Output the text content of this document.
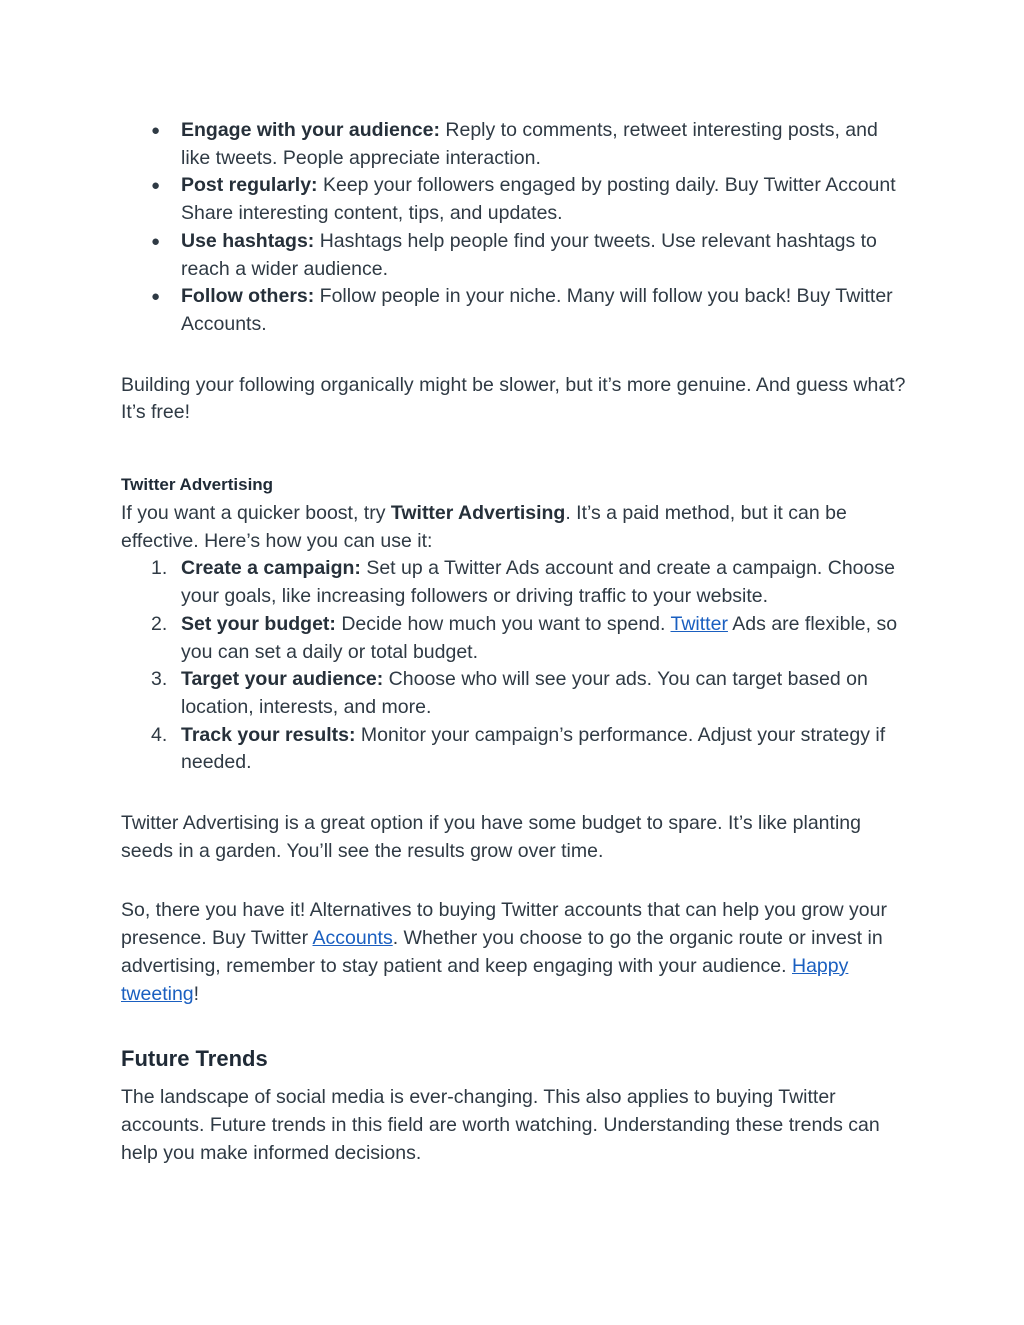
● Engage with your audience: Reply to comments, retweet interesting posts, and like tweets. People appreciate interaction.
● Post regularly: Keep your followers engaged by posting daily. Buy Twitter Account Share interesting content, tips, and updates.
● Use hashtags: Hashtags help people find your tweets. Use relevant hashtags to reach a wider audience.
● Follow others: Follow people in your niche. Many will follow you back! Buy Twitter Accounts.

Building your following organically might be slower, but it’s more genuine. And guess what? It’s free!

Twitter Advertising

If you want a quicker boost, try Twitter Advertising. It’s a paid method, but it can be effective. Here’s how you can use it:

1. Create a campaign: Set up a Twitter Ads account and create a campaign. Choose your goals, like increasing followers or driving traffic to your website.
2. Set your budget: Decide how much you want to spend. Twitter Ads are flexible, so you can set a daily or total budget.
3. Target your audience: Choose who will see your ads. You can target based on location, interests, and more.
4. Track your results: Monitor your campaign’s performance. Adjust your strategy if needed.

Twitter Advertising is a great option if you have some budget to spare. It’s like planting seeds in a garden. You’ll see the results grow over time.

So, there you have it! Alternatives to buying Twitter accounts that can help you grow your presence. Buy Twitter Accounts. Whether you choose to go the organic route or invest in advertising, remember to stay patient and keep engaging with your audience. Happy tweeting!

Future Trends

The landscape of social media is ever-changing. This also applies to buying Twitter accounts. Future trends in this field are worth watching. Understanding these trends can help you make informed decisions.
